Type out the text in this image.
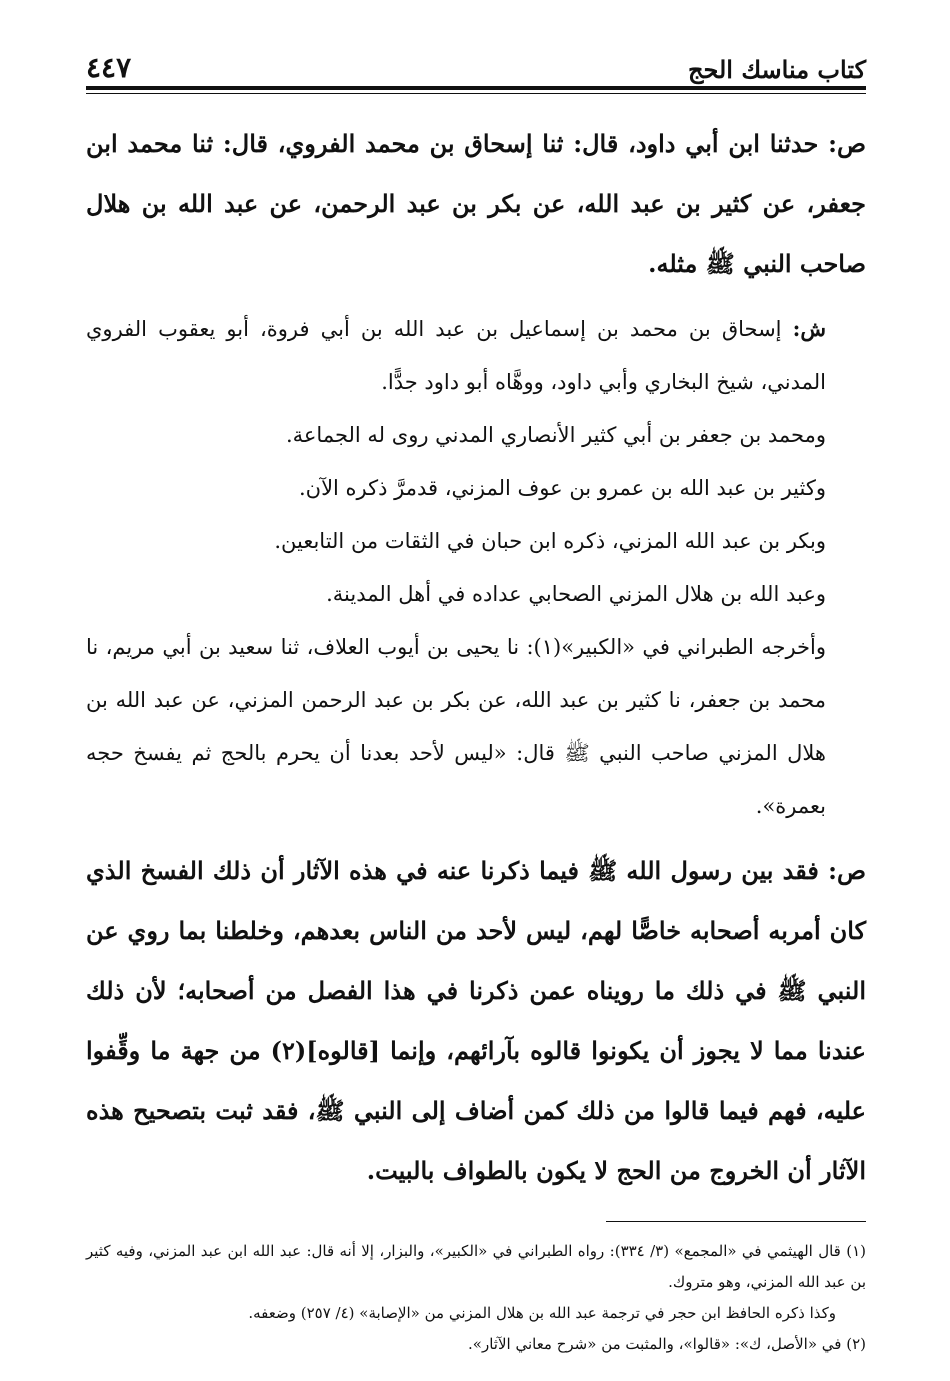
كتاب مناسك الحج
٤٤٧

ص: حدثنا ابن أبي داود، قال: ثنا إسحاق بن محمد الفروي، قال: ثنا محمد ابن جعفر، عن كثير بن عبد الله، عن بكر بن عبد الرحمن، عن عبد الله بن هلال صاحب النبي ﷺ مثله.

ش: إسحاق بن محمد بن إسماعيل بن عبد الله بن أبي فروة، أبو يعقوب الفروي المدني، شيخ البخاري وأبي داود، ووهَّاه أبو داود جدًّا.

ومحمد بن جعفر بن أبي كثير الأنصاري المدني روى له الجماعة.

وكثير بن عبد الله بن عمرو بن عوف المزني، قدمرَّ ذكره الآن.

وبكر بن عبد الله المزني، ذكره ابن حبان في الثقات من التابعين.

وعبد الله بن هلال المزني الصحابي عداده في أهل المدينة.

وأخرجه الطبراني في «الكبير»(١): نا يحيى بن أيوب العلاف، ثنا سعيد بن أبي مريم، نا محمد بن جعفر، نا كثير بن عبد الله، عن بكر بن عبد الرحمن المزني، عن عبد الله بن هلال المزني صاحب النبي ﷺ قال: «ليس لأحد بعدنا أن يحرم بالحج ثم يفسخ حجه بعمرة».

ص: فقد بين رسول الله ﷺ فيما ذكرنا عنه في هذه الآثار أن ذلك الفسخ الذي كان أمربه أصحابه خاصًّا لهم، ليس لأحد من الناس بعدهم، وخلطنا بما روي عن النبي ﷺ في ذلك ما رويناه عمن ذكرنا في هذا الفصل من أصحابه؛ لأن ذلك عندنا مما لا يجوز أن يكونوا قالوه بآرائهم، وإنما [قالوه](٢) من جهة ما وقِّفوا عليه، فهم فيما قالوا من ذلك كمن أضاف إلى النبي ﷺ، فقد ثبت بتصحيح هذه الآثار أن الخروج من الحج لا يكون بالطواف بالبيت.

(١) قال الهيثمي في «المجمع» (٣/ ٣٣٤): رواه الطبراني في «الكبير»، والبزار، إلا أنه قال: عبد الله ابن عبد المزني، وفيه كثير بن عبد الله المزني، وهو متروك.

وكذا ذكره الحافظ ابن حجر في ترجمة عبد الله بن هلال المزني من «الإصابة» (٤/ ٢٥٧) وضعفه.

(٢) في «الأصل، ك»: «قالوا»، والمثبت من «شرح معاني الآثار».
